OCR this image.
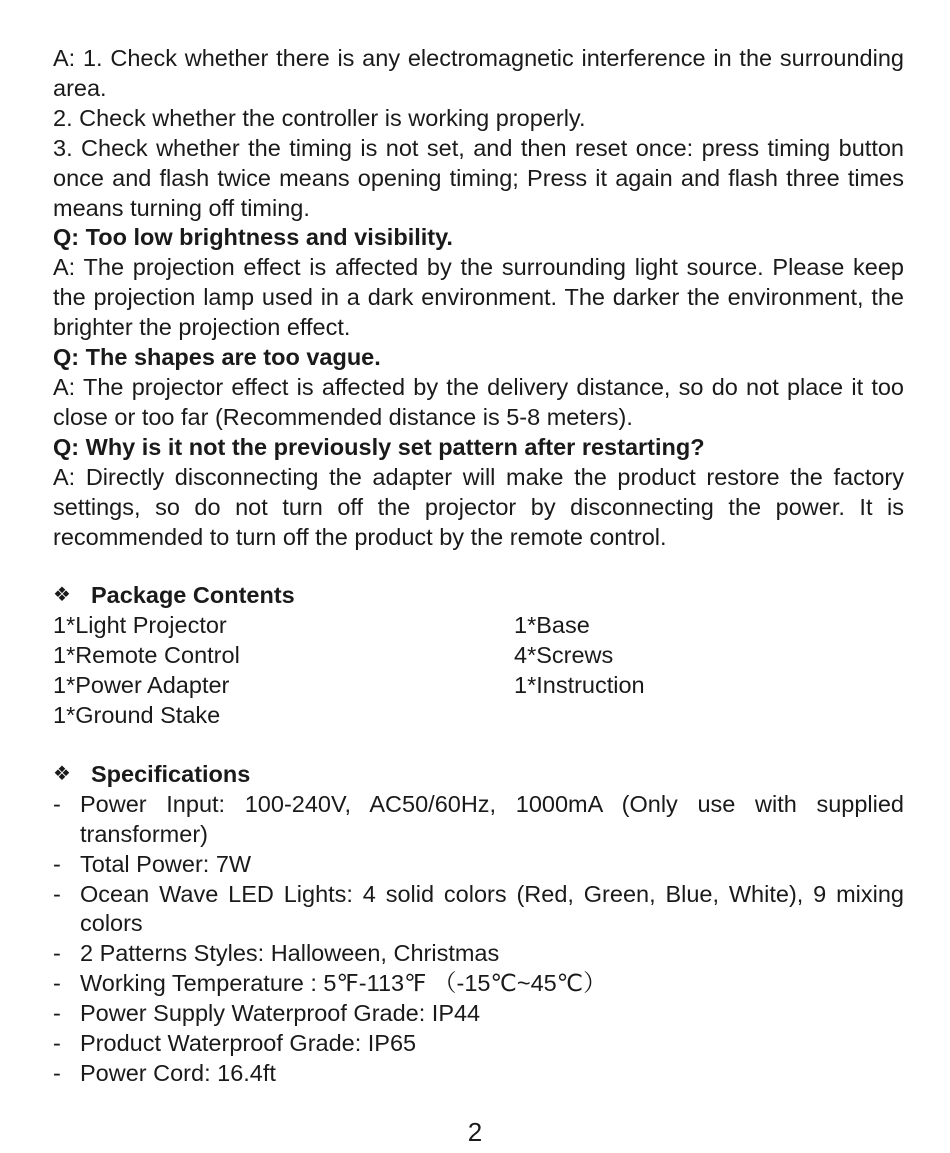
A: 1. Check whether there is any electromagnetic interference in the surrounding area.

2. Check whether the controller is working properly.

3. Check whether the timing is not set, and then reset once: press timing button once and flash twice means opening timing; Press it again and flash three times means turning off timing.

Q: Too low brightness and visibility.

A: The projection effect is affected by the surrounding light source. Please keep the projection lamp used in a dark environment. The darker the environment, the brighter the projection effect.

Q: The shapes are too vague.

A: The projector effect is affected by the delivery distance, so do not place it too close or too far (Recommended distance is 5-8 meters).

Q: Why is it not the previously set pattern after restarting?

A: Directly disconnecting the adapter will make the product restore the factory settings, so do not turn off the projector by disconnecting the power. It is recommended to turn off the product by the remote control.

❖ Package Contents
1*Light Projector	1*Base
1*Remote Control	4*Screws
1*Power Adapter	1*Instruction
1*Ground Stake
❖ Specifications
- Power Input: 100-240V, AC50/60Hz, 1000mA (Only use with supplied transformer)
- Total Power: 7W
- Ocean Wave LED Lights: 4 solid colors (Red, Green, Blue, White), 9 mixing colors
- 2 Patterns Styles: Halloween, Christmas
- Working Temperature : 5℉-113℉ （-15℃~45℃）
- Power Supply Waterproof Grade: IP44
- Product Waterproof Grade: IP65
- Power Cord: 16.4ft
2
